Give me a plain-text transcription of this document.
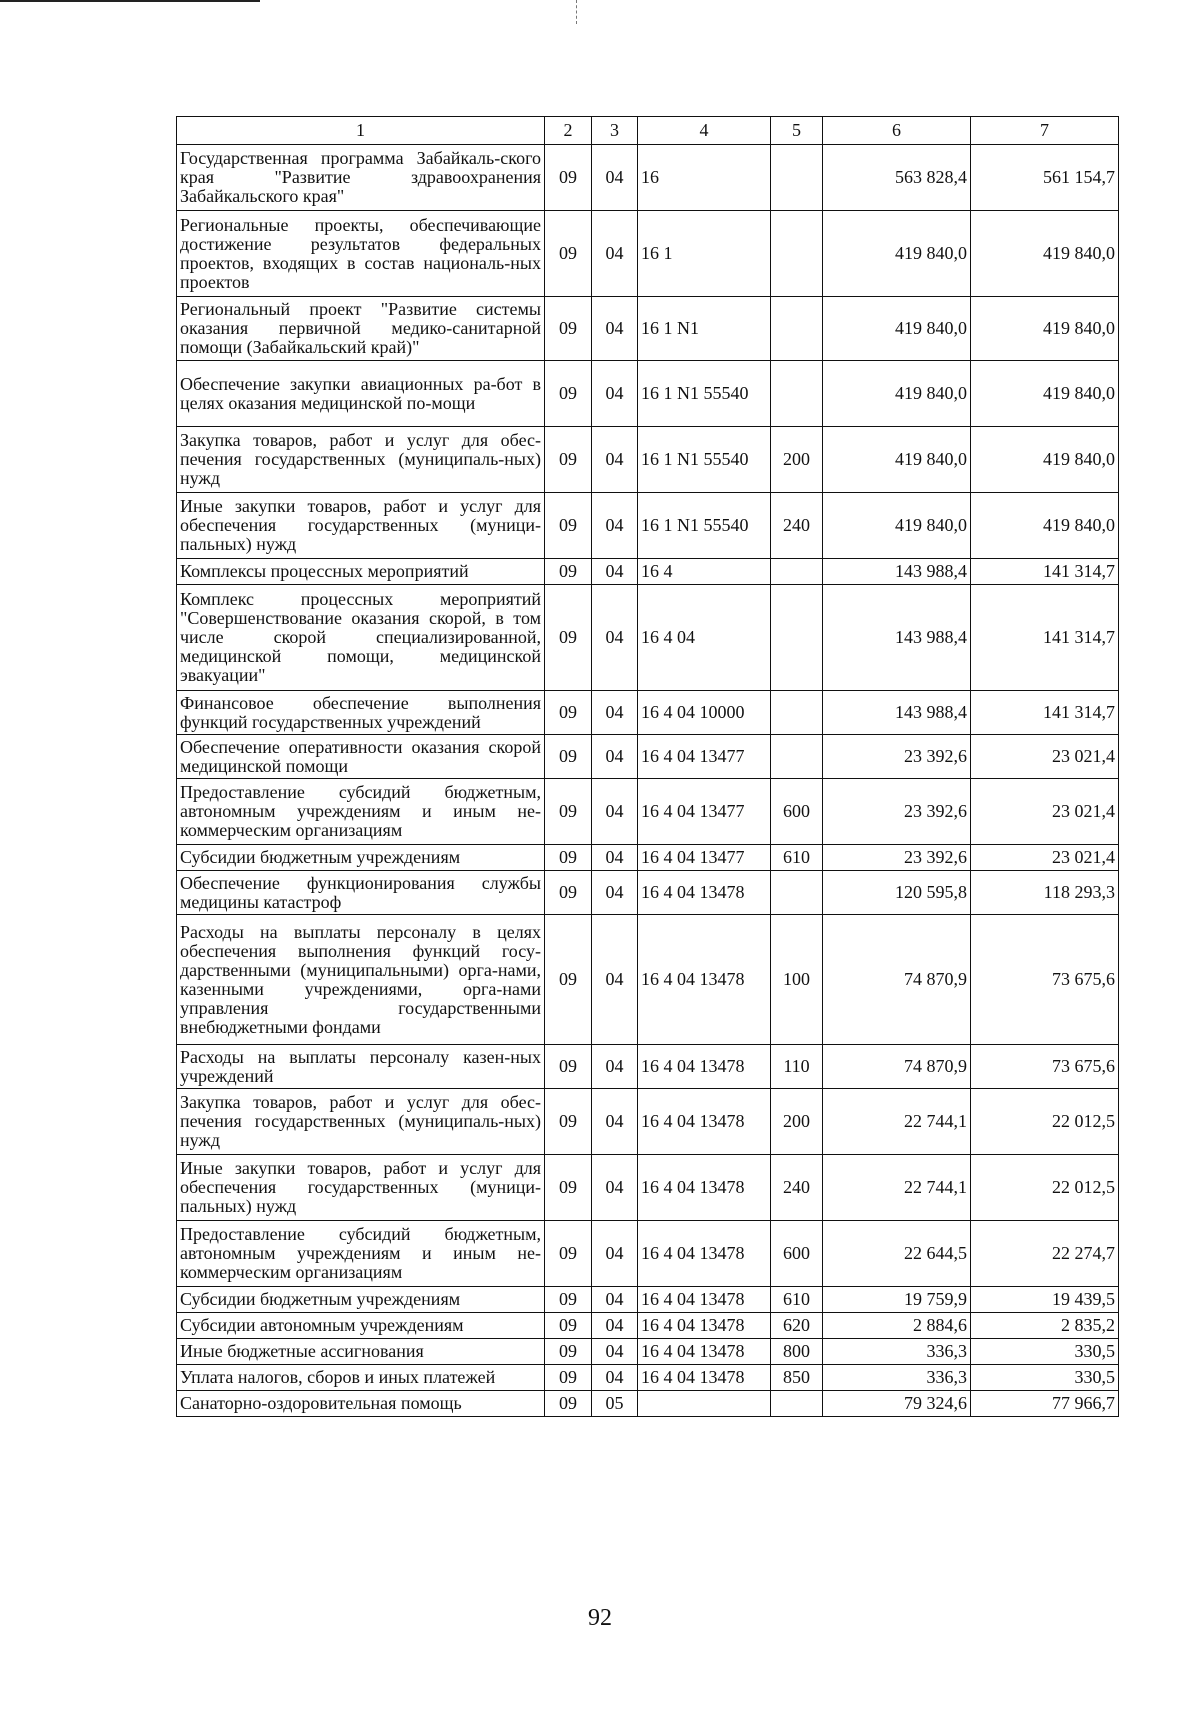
1	2	3	4	5	6	7
Государственная программа Забайкаль-ского края "Развитие здравоохранения Забайкальского края"	09	04	16		563 828,4	561 154,7
Региональные проекты, обеспечивающие достижение результатов федеральных проектов, входящих в состав националь-ных проектов	09	04	16 1		419 840,0	419 840,0
Региональный проект "Развитие системы оказания первичной медико-санитарной помощи (Забайкальский край)"	09	04	16 1 N1		419 840,0	419 840,0
Обеспечение закупки авиационных ра-бот в целях оказания медицинской по-мощи	09	04	16 1 N1 55540		419 840,0	419 840,0
Закупка товаров, работ и услуг для обес-печения государственных (муниципаль-ных) нужд	09	04	16 1 N1 55540	200	419 840,0	419 840,0
Иные закупки товаров, работ и услуг для обеспечения государственных (муници-пальных) нужд	09	04	16 1 N1 55540	240	419 840,0	419 840,0
Комплексы процессных мероприятий	09	04	16 4		143 988,4	141 314,7
Комплекс процессных мероприятий "Совершенствование оказания скорой, в том числе скорой специализированной, медицинской помощи, медицинской эвакуации"	09	04	16 4 04		143 988,4	141 314,7
Финансовое обеспечение выполнения функций государственных учреждений	09	04	16 4 04 10000		143 988,4	141 314,7
Обеспечение оперативности оказания скорой медицинской помощи	09	04	16 4 04 13477		23 392,6	23 021,4
Предоставление субсидий бюджетным, автономным учреждениям и иным не-коммерческим организациям	09	04	16 4 04 13477	600	23 392,6	23 021,4
Субсидии бюджетным учреждениям	09	04	16 4 04 13477	610	23 392,6	23 021,4
Обеспечение функционирования службы медицины катастроф	09	04	16 4 04 13478		120 595,8	118 293,3
Расходы на выплаты персоналу в целях обеспечения выполнения функций госу-дарственными (муниципальными) орга-нами, казенными учреждениями, орга-нами управления государственными внебюджетными фондами	09	04	16 4 04 13478	100	74 870,9	73 675,6
Расходы на выплаты персоналу казен-ных учреждений	09	04	16 4 04 13478	110	74 870,9	73 675,6
Закупка товаров, работ и услуг для обес-печения государственных (муниципаль-ных) нужд	09	04	16 4 04 13478	200	22 744,1	22 012,5
Иные закупки товаров, работ и услуг для обеспечения государственных (муници-пальных) нужд	09	04	16 4 04 13478	240	22 744,1	22 012,5
Предоставление субсидий бюджетным, автономным учреждениям и иным не-коммерческим организациям	09	04	16 4 04 13478	600	22 644,5	22 274,7
Субсидии бюджетным учреждениям	09	04	16 4 04 13478	610	19 759,9	19 439,5
Субсидии автономным учреждениям	09	04	16 4 04 13478	620	2 884,6	2 835,2
Иные бюджетные ассигнования	09	04	16 4 04 13478	800	336,3	330,5
Уплата налогов, сборов и иных платежей	09	04	16 4 04 13478	850	336,3	330,5
Санаторно-оздоровительная помощь	09	05			79 324,6	77 966,7
92
